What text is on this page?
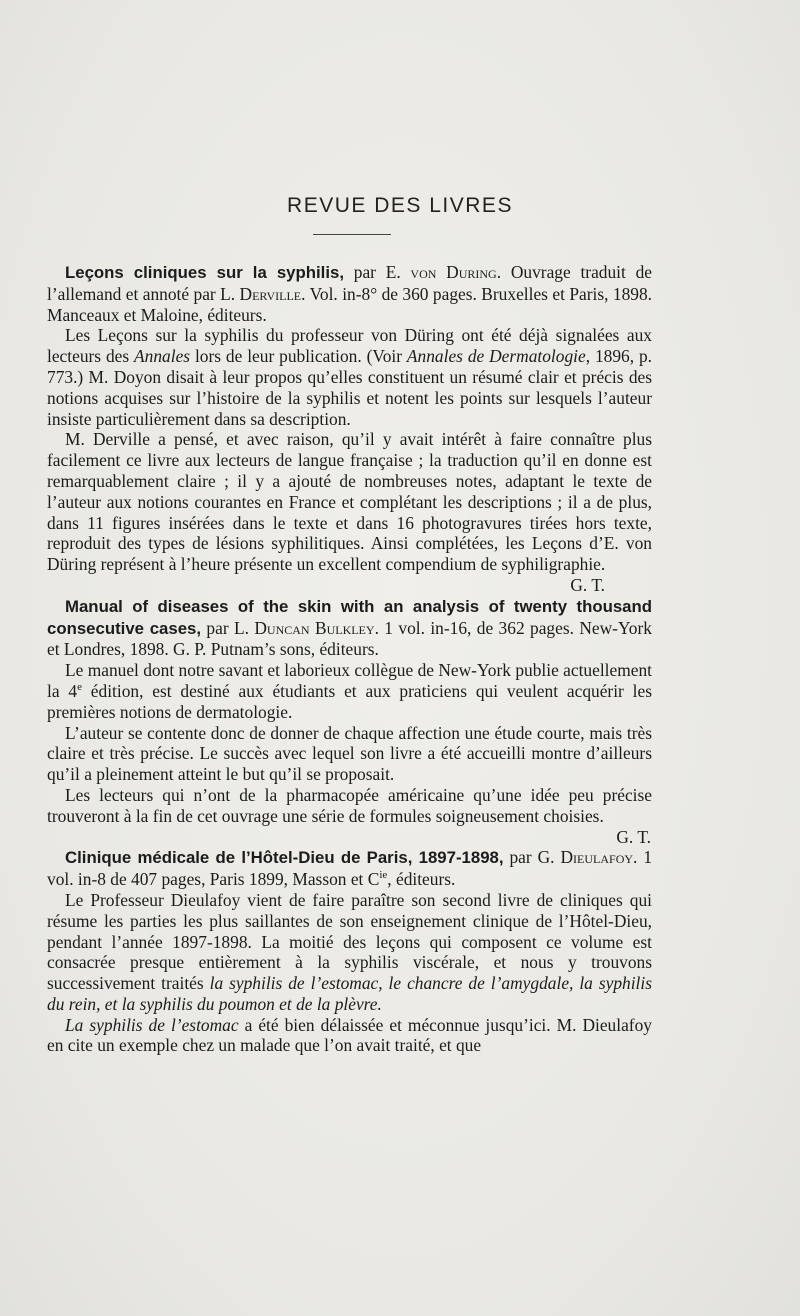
REVUE DES LIVRES

Leçons cliniques sur la syphilis, par E. von During. Ouvrage traduit de l’allemand et annoté par L. Derville. Vol. in-8° de 360 pages. Bruxelles et Paris, 1898. Manceaux et Maloine, éditeurs.

Les Leçons sur la syphilis du professeur von Düring ont été déjà signalées aux lecteurs des Annales lors de leur publication. (Voir Annales de Dermatologie, 1896, p. 773.) M. Doyon disait à leur propos qu’elles constituent un résumé clair et précis des notions acquises sur l’histoire de la syphilis et notent les points sur lesquels l’auteur insiste particulièrement dans sa description.

M. Derville a pensé, et avec raison, qu’il y avait intérêt à faire connaître plus facilement ce livre aux lecteurs de langue française ; la traduction qu’il en donne est remarquablement claire ; il y a ajouté de nombreuses notes, adaptant le texte de l’auteur aux notions courantes en France et complétant les descriptions ; il a de plus, dans 11 figures insérées dans le texte et dans 16 photogravures tirées hors texte, reproduit des types de lésions syphilitiques. Ainsi complétées, les Leçons d’E. von Düring représent à l’heure présente un excellent compendium de syphiligraphie.

G. T.

Manual of diseases of the skin with an analysis of twenty thousand consecutive cases, par L. Duncan Bulkley. 1 vol. in-16, de 362 pages. New-York et Londres, 1898. G. P. Putnam’s sons, éditeurs.

Le manuel dont notre savant et laborieux collègue de New-York publie actuellement la 4e édition, est destiné aux étudiants et aux praticiens qui veulent acquérir les premières notions de dermatologie.

L’auteur se contente donc de donner de chaque affection une étude courte, mais très claire et très précise. Le succès avec lequel son livre a été accueilli montre d’ailleurs qu’il a pleinement atteint le but qu’il se proposait.

Les lecteurs qui n’ont de la pharmacopée américaine qu’une idée peu précise trouveront à la fin de cet ouvrage une série de formules soigneusement choisies.
G. T.

Clinique médicale de l’Hôtel-Dieu de Paris, 1897-1898, par G. Dieulafoy. 1 vol. in-8 de 407 pages, Paris 1899, Masson et $C^{ie}$, éditeurs.

Le Professeur Dieulafoy vient de faire paraître son second livre de cliniques qui résume les parties les plus saillantes de son enseignement clinique de l’Hôtel-Dieu, pendant l’année 1897-1898. La moitié des leçons qui composent ce volume est consacrée presque entièrement à la syphilis viscérale, et nous y trouvons successivement traités la syphilis de l’estomac, le chancre de l’amygdale, la syphilis du rein, et la syphilis du poumon et de la plèvre.

La syphilis de l’estomac a été bien délaissée et méconnue jusqu’ici. M. Dieulafoy en cite un exemple chez un malade que l’on avait traité, et que
